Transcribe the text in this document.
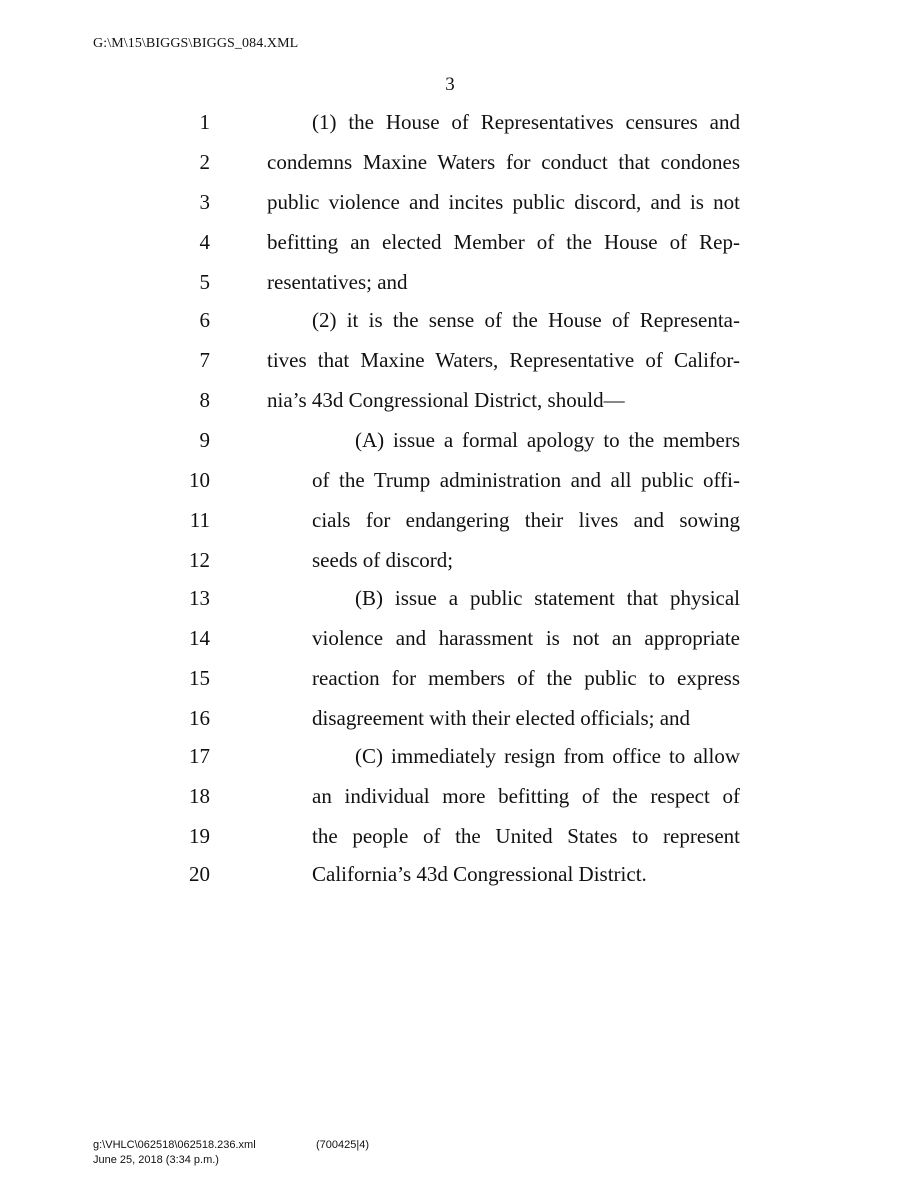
G:\M\15\BIGGS\BIGGS_084.XML
3
1	(1) the House of Representatives censures and
2	condemns Maxine Waters for conduct that condones
3	public violence and incites public discord, and is not
4	befitting an elected Member of the House of Rep-
5	resentatives; and
6	(2) it is the sense of the House of Representa-
7	tives that Maxine Waters, Representative of Califor-
8	nia’s 43d Congressional District, should—
9	(A) issue a formal apology to the members
10	of the Trump administration and all public offi-
11	cials for endangering their lives and sowing
12	seeds of discord;
13	(B) issue a public statement that physical
14	violence and harassment is not an appropriate
15	reaction for members of the public to express
16	disagreement with their elected officials; and
17	(C) immediately resign from office to allow
18	an individual more befitting of the respect of
19	the people of the United States to represent
20	California’s 43d Congressional District.
g:\VHLC\062518\062518.236.xml	(700425|4)
June 25, 2018 (3:34 p.m.)
